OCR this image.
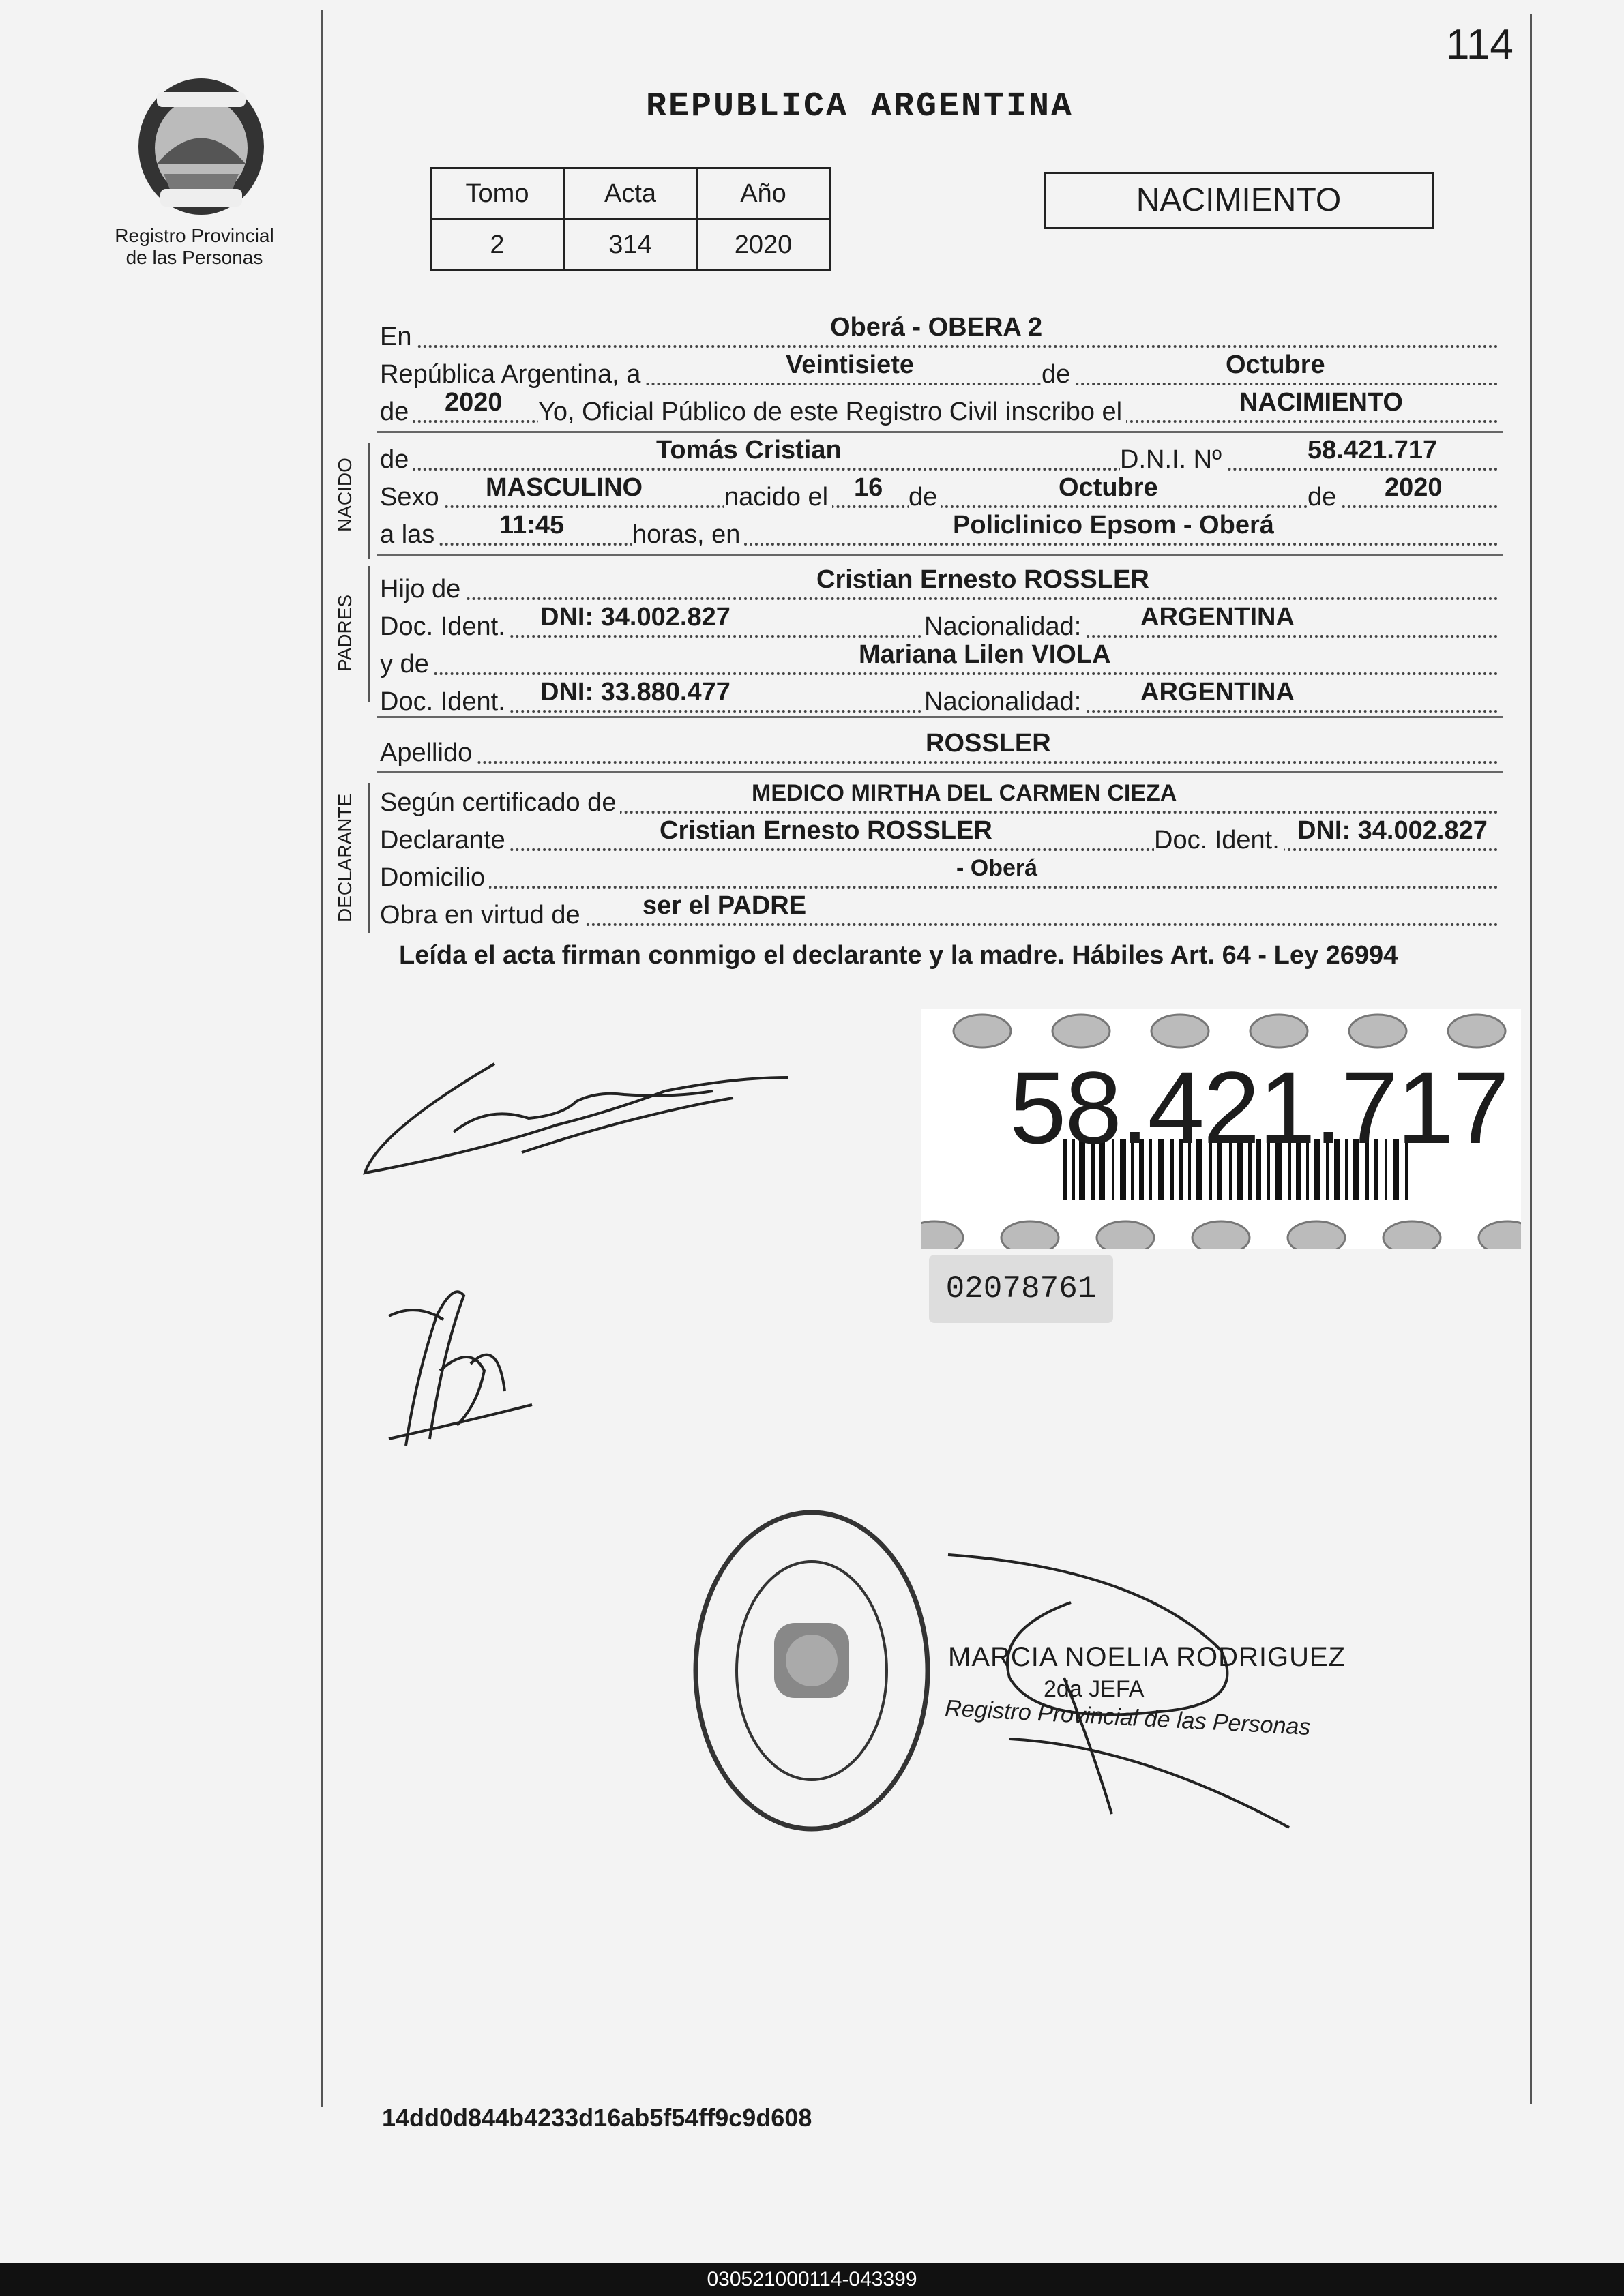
114
REPUBLICA ARGENTINA
Registro Provincial
de las Personas
Tomo	Acta	Año
2	314	2020
NACIMIENTO
En	Oberá - OBERA 2
República Argentina, a	Veintisiete	de	Octubre
de 2020 Yo, Oficial Público de este Registro Civil inscribo el	NACIMIENTO
NACIDO de	Tomás Cristian	D.N.I. Nº	58.421.717
Sexo MASCULINO	nacido el 16 de	Octubre	de 2020
a las 11:45	horas, en	Policlinico Epsom - Oberá
PADRES
Hijo de	Cristian Ernesto ROSSLER
Doc. Ident. DNI: 34.002.827	Nacionalidad: ARGENTINA
y de	Mariana Lilen VIOLA
Doc. Ident. DNI: 33.880.477	Nacionalidad: ARGENTINA
Apellido	ROSSLER
DECLARANTE Según certificado de	MEDICO MIRTHA DEL CARMEN CIEZA
Declarante	Cristian Ernesto ROSSLER	Doc. Ident. DNI: 34.002.827
Domicilio	- Oberá
Obra en virtud de ser el PADRE
Leída el acta firman conmigo el declarante y la madre. Hábiles Art. 64 - Ley 26994
58.421.717
02078761
MARCIA NOELIA RODRIGUEZ
2da JEFA
Registro Provincial de las Personas
14dd0d844b4233d16ab5f54ff9c9d608
030521000114-043399
